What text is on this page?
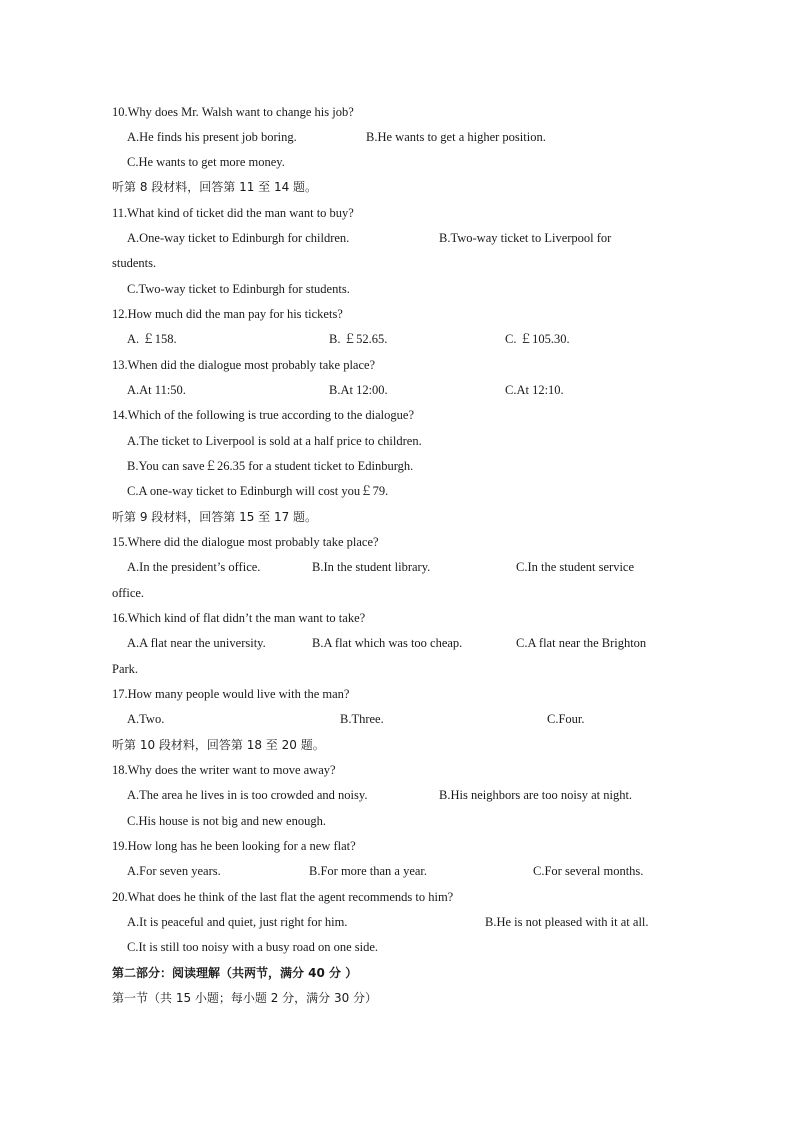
10.Why does Mr. Walsh want to change his job?
A.He finds his present job boring.	B.He wants to get a higher position.
C.He wants to get more money.
听第 8 段材料，回答第 11 至 14 题。
11.What kind of ticket did the man want to buy?
A.One-way ticket to Edinburgh for children.	B.Two-way ticket to Liverpool for
students.
C.Two-way ticket to Edinburgh for students.
12.How much did the man pay for his tickets?
A. ￡158.	B. ￡52.65.	C. ￡105.30.
13.When did the dialogue most probably take place?
A.At 11:50.	B.At 12:00.	C.At 12:10.
14.Which of the following is true according to the dialogue?
A.The ticket to Liverpool is sold at a half price to children.
B.You can save￡26.35 for a student ticket to Edinburgh.
C.A one-way ticket to Edinburgh will cost you￡79.
听第 9 段材料，回答第 15 至 17 题。
15.Where did the dialogue most probably take place?
A.In the president’s office.	B.In the student library.	C.In the student service
office.
16.Which kind of flat didn’t the man want to take?
A.A flat near the university.	B.A flat which was too cheap.	C.A flat near the Brighton
Park.
17.How many people would live with the man?
A.Two.	B.Three.	C.Four.
听第 10 段材料，回答第 18 至 20 题。
18.Why does the writer want to move away?
A.The area he lives in is too crowded and noisy.	B.His neighbors are too noisy at night.
C.His house is not big and new enough.
19.How long has he been looking for a new flat?
A.For seven years.	B.For more than a year.	C.For several months.
20.What does he think of the last flat the agent recommends to him?
A.It is peaceful and quiet, just right for him.	B.He is not pleased with it at all.
C.It is still too noisy with a busy road on one side.
第二部分：阅读理解（共两节，满分 40 分 ）
第一节（共 15 小题；每小题 2 分，满分 30 分）
